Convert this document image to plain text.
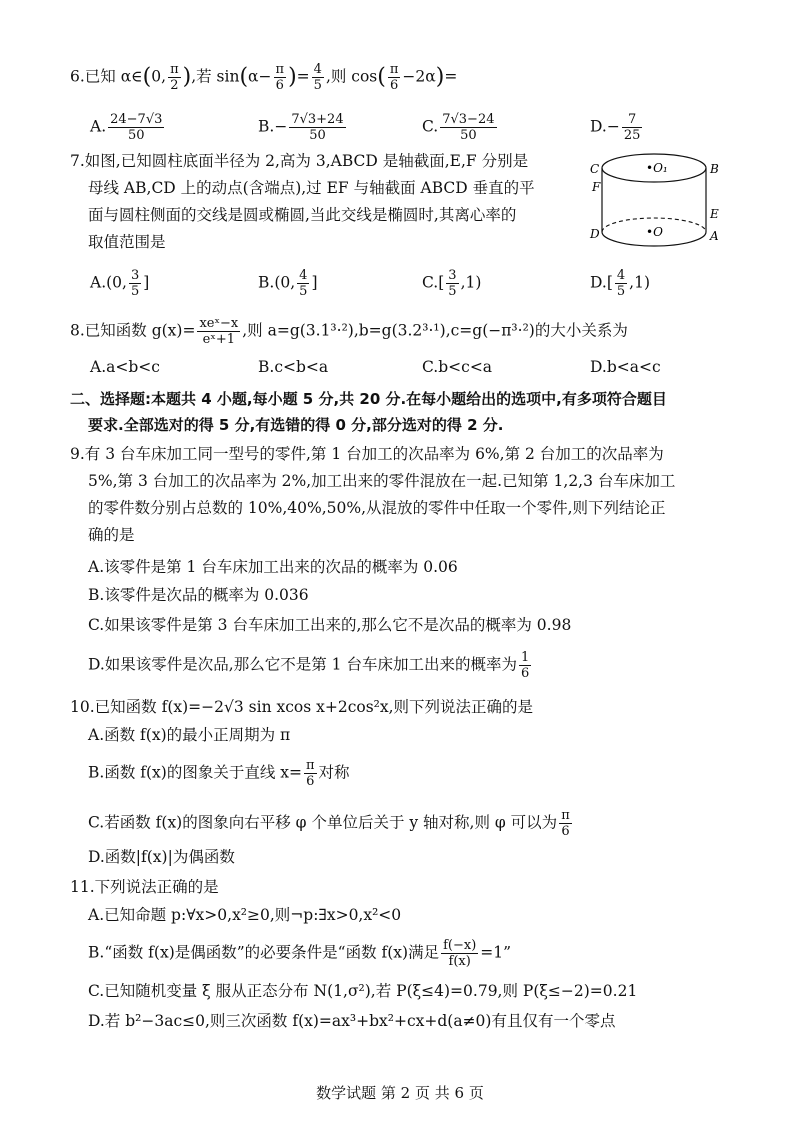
6.已知 α∈(0, $\frac{\pi}{2}$ ),若 $\sin(\alpha- \frac{\pi}{6}$ )= $\frac{4}{5}$ ,则 $\cos( \frac{\pi}{6} -2\alpha)=$
A. $\frac{24-7√3}{50}$	$B.- \frac{7√3+24}{50}$	C. $\frac{7√3-24}{50}$	$D.- \frac{7}{25}$
7.如图,已知圆柱底面半径为 2,高为 3,ABCD 是轴截面,E,F 分别是
母线 AB,CD 上的动点(含端点),过 EF 与轴截面 ABCD 垂直的平
面与圆柱侧面的交线是圆或椭圆,当此交线是椭圆时,其离心率的
取值范围是
C	B
F
E
D	A
•O₁
•O
A.(0, $\frac{3}{5}$ ]	B.(0, $\frac{4}{5}$ ]	$C.[ \frac{3}{5} ,1)$	$D.[ \frac{4}{5} ,1)$
8.已知函数 $g(x)= \frac{\text{xeˣ−x}}{\text{eˣ+1}}$ ,则 a=g(3.1³·²),b=g(3.2³·¹),c=g(−π³·²)的大小关系为
A.a<b<c	B.c<b<a	C.b<c<a	D.b<a<c
二、选择题:本题共 4 小题,每小题 5 分,共 20 分.在每小题给出的选项中,有多项符合题目
要求.全部选对的得 5 分,有选错的得 0 分,部分选对的得 2 分.
9.有 3 台车床加工同一型号的零件,第 1 台加工的次品率为 6%,第 2 台加工的次品率为
5%,第 3 台加工的次品率为 2%,加工出来的零件混放在一起.已知第 1,2,3 台车床加工
的零件数分别占总数的 10%,40%,50%,从混放的零件中任取一个零件,则下列结论正
确的是
A.该零件是第 1 台车床加工出来的次品的概率为 0.06
B.该零件是次品的概率为 0.036
C.如果该零件是第 3 台车床加工出来的,那么它不是次品的概率为 0.98
D.如果该零件是次品,那么它不是第 1 台车床加工出来的概率为 $\frac{1}{6}$
10.已知函数 f(x)=−2√3 sin xcos x+2cos²x,则下列说法正确的是
A.函数 f(x)的最小正周期为 π
B.函数 f(x)的图象关于直线 $x= \frac{\pi}{6}$ 对称
C.若函数 f(x)的图象向右平移 φ 个单位后关于 y 轴对称,则 φ 可以为 $\frac{\pi}{6}$
D.函数|f(x)|为偶函数
11.下列说法正确的是
A.已知命题 p:∀x>0,x²≥0,则¬p:∃x>0,x²<0
B.“函数 f(x)是偶函数”的必要条件是“函数 f(x)满足 $\frac{f(-x)}{f(x)} =1$”
C.已知随机变量 ξ 服从正态分布 N(1,σ²),若 P(ξ≤4)=0.79,则 P(ξ≤−2)=0.21
D.若 b²−3ac≤0,则三次函数 f(x)=ax³+bx²+cx+d(a≠0)有且仅有一个零点
数学试题 第 2 页 共 6 页
